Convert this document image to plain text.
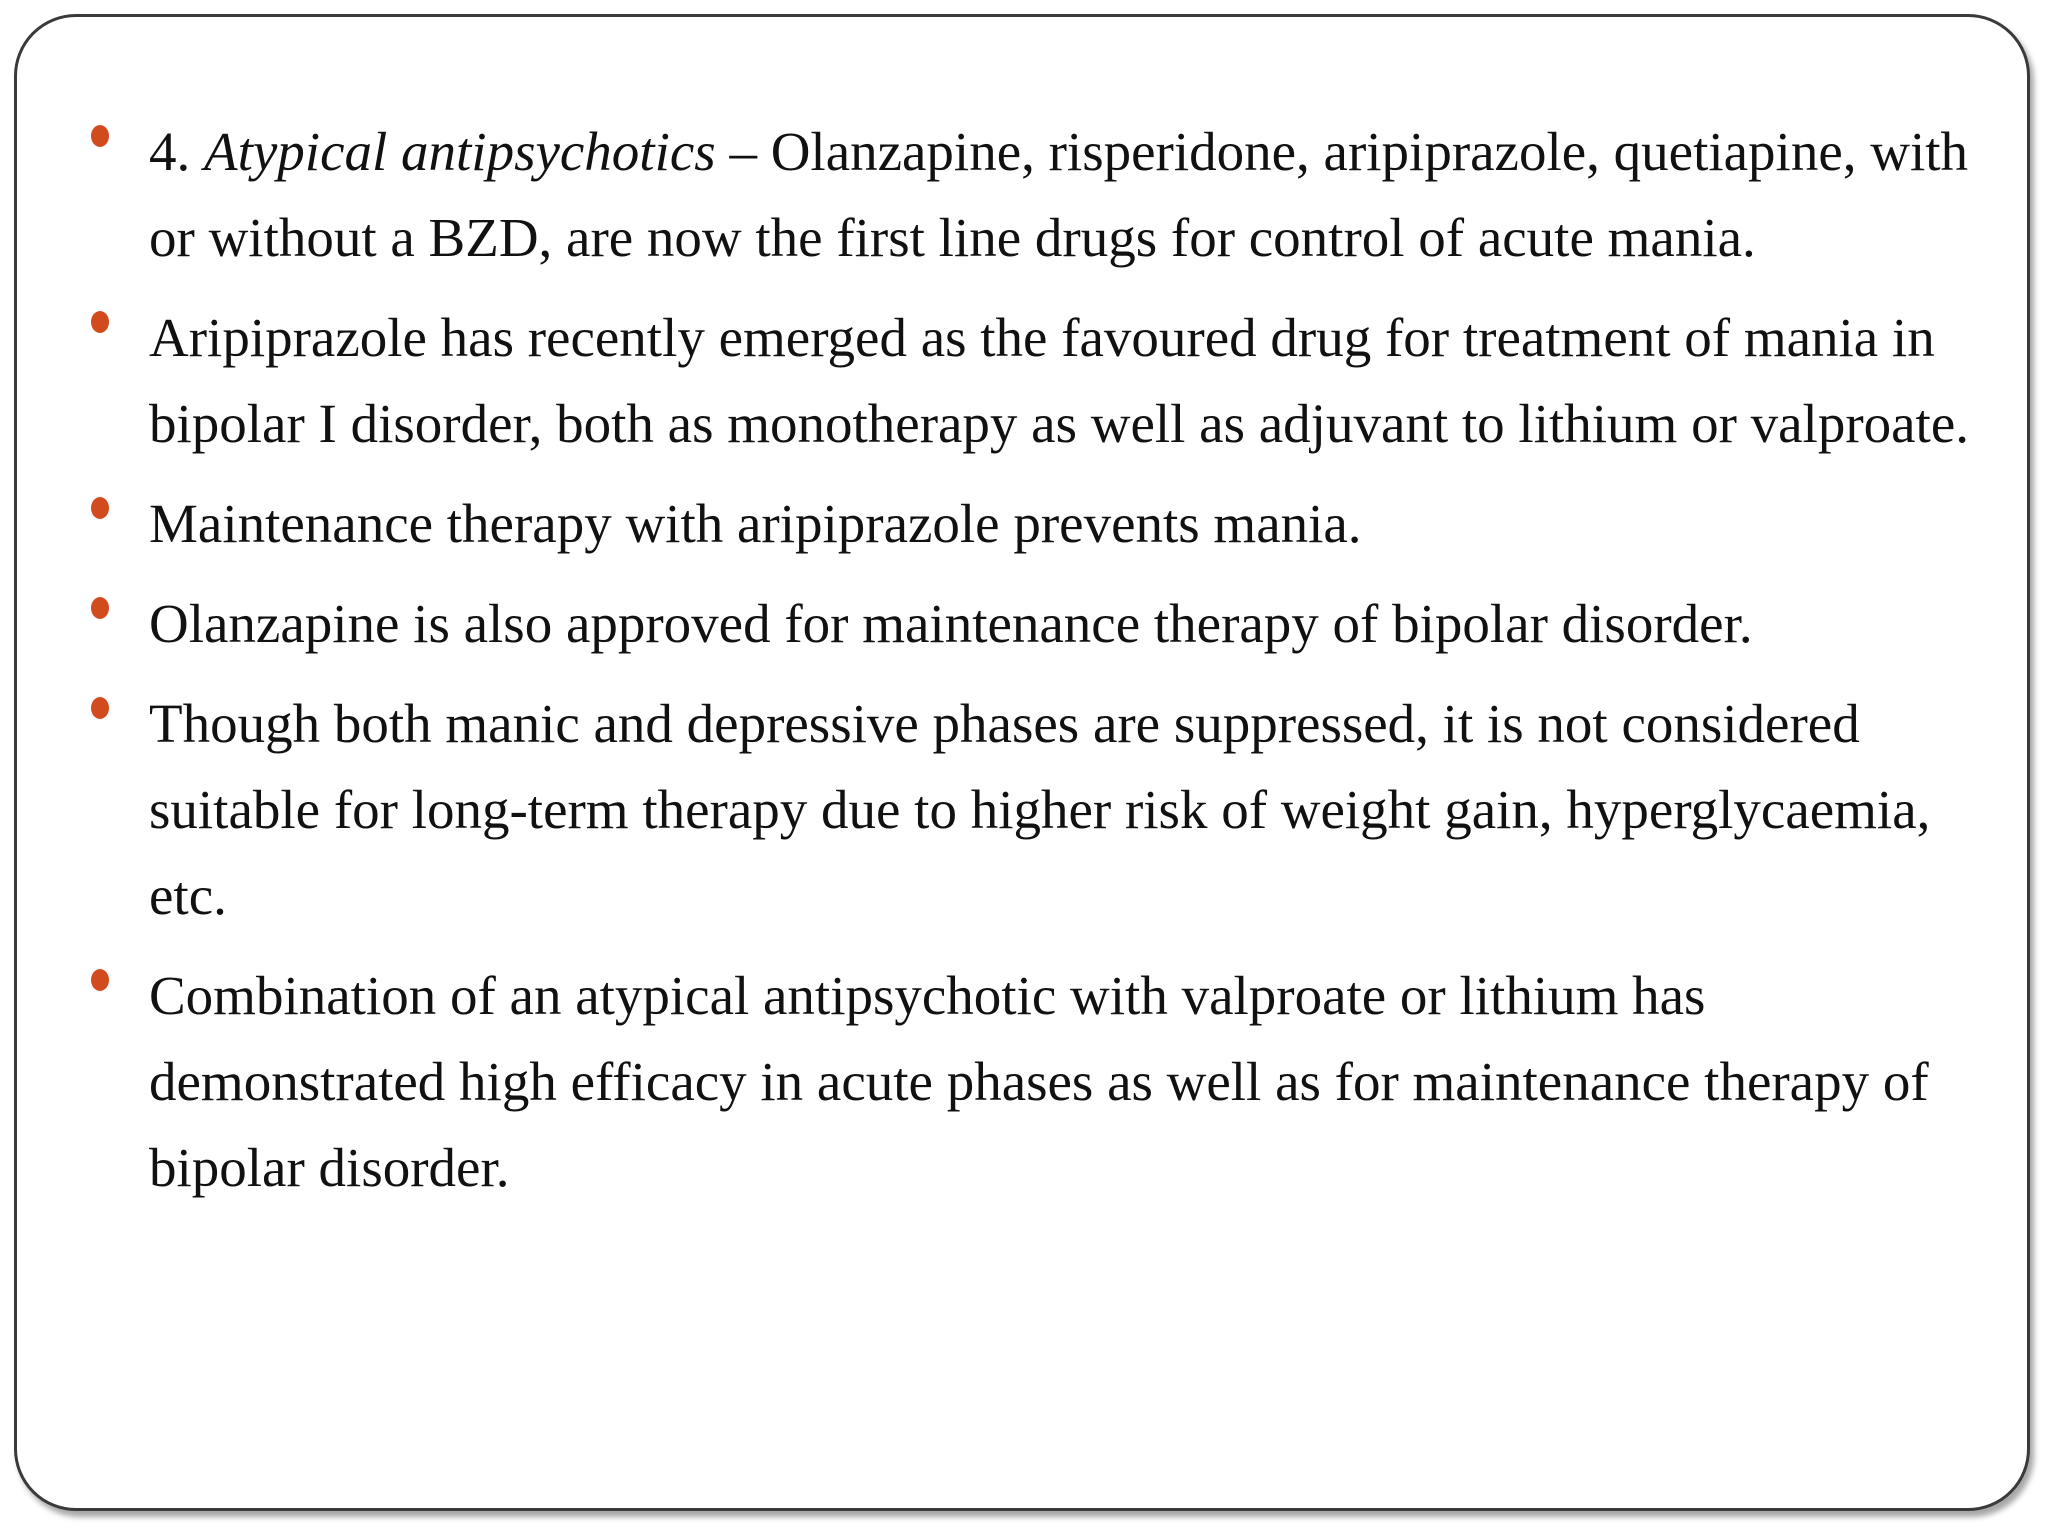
4. Atypical antipsychotics – Olanzapine, risperidone, aripiprazole, quetiapine, with or without a BZD, are now the first line drugs for control of acute mania.
Aripiprazole has recently emerged as the favoured drug for treatment of mania in bipolar I disorder, both as monotherapy as well as adjuvant to lithium or valproate.
Maintenance therapy with aripiprazole prevents mania.
Olanzapine is also approved for maintenance therapy of bipolar disorder.
Though both manic and depressive phases are suppressed, it is not considered suitable for long-term therapy due to higher risk of weight gain, hyperglycaemia, etc.
Combination of an atypical antipsychotic with valproate or lithium has demonstrated high efficacy in acute phases as well as for maintenance therapy of bipolar disorder.
